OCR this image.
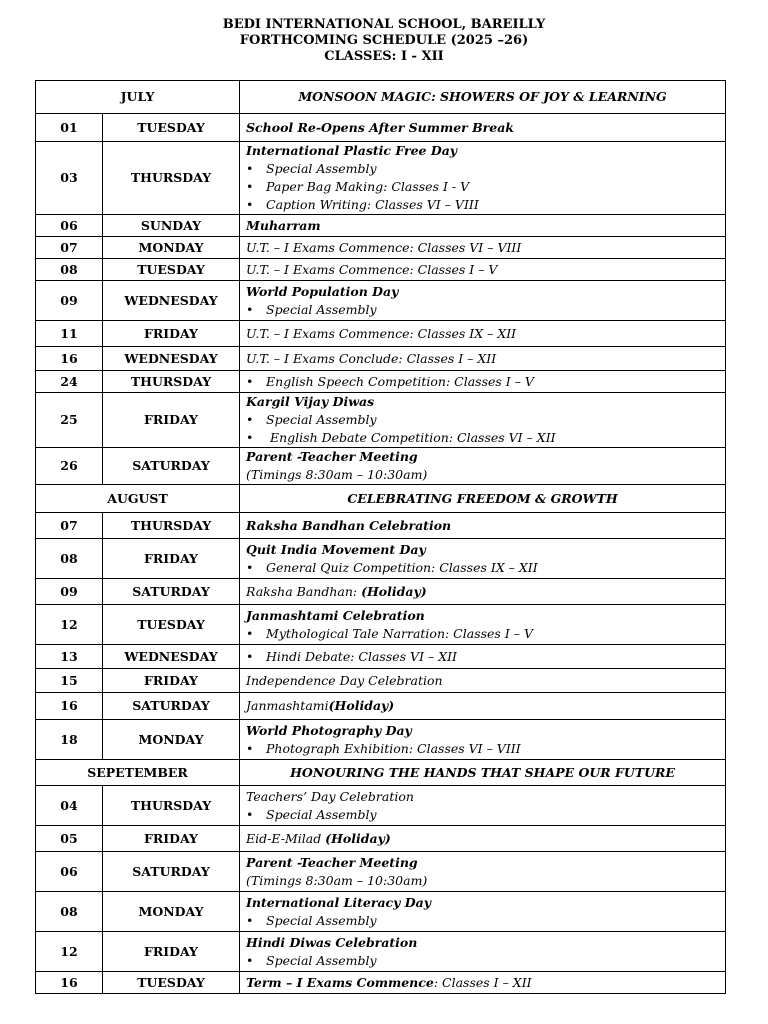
BEDI INTERNATIONAL SCHOOL, BAREILLY
FORTHCOMING SCHEDULE (2025 –26)
CLASSES: I - XII
JULY		MONSOON MAGIC: SHOWERS OF JOY & LEARNING
01	TUESDAY	School Re-Opens After Summer Break

03	THURSDAY	International Plastic Free Day
• Special Assembly
• Paper Bag Making: Classes I - V
• Caption Writing: Classes VI – VIII

06	SUNDAY	Muharram

07	MONDAY	U.T. – I Exams Commence: Classes VI – VIII

08	TUESDAY	U.T. – I Exams Commence: Classes I – V

09	WEDNESDAY	World Population Day
• Special Assembly

11	FRIDAY	U.T. – I Exams Commence: Classes IX – XII

16	WEDNESDAY	U.T. – I Exams Conclude: Classes I – XII

24	THURSDAY	• English Speech Competition: Classes I – V

25	FRIDAY	Kargil Vijay Diwas
• Special Assembly
• English Debate Competition: Classes VI – XII

26	SATURDAY	Parent -Teacher Meeting
(Timings 8:30am – 10:30am)

AUGUST		CELEBRATING FREEDOM & GROWTH
07	THURSDAY	Raksha Bandhan Celebration

08	FRIDAY	Quit India Movement Day
• General Quiz Competition: Classes IX – XII

09	SATURDAY	Raksha Bandhan: (Holiday)

12	TUESDAY	Janmashtami Celebration
• Mythological Tale Narration: Classes I – V

13	WEDNESDAY	• Hindi Debate: Classes VI – XII

15	FRIDAY	Independence Day Celebration

16	SATURDAY	Janmashtami(Holiday)

18	MONDAY	World Photography Day
• Photograph Exhibition: Classes VI – VIII

SEPETEMBER		HONOURING THE HANDS THAT SHAPE OUR FUTURE
04	THURSDAY	Teachers’ Day Celebration
• Special Assembly

05	FRIDAY	Eid-E-Milad (Holiday)

06	SATURDAY	Parent -Teacher Meeting
(Timings 8:30am – 10:30am)

08	MONDAY	International Literacy Day
• Special Assembly

12	FRIDAY	Hindi Diwas Celebration
• Special Assembly

16	TUESDAY	Term – I Exams Commence: Classes I – XII
